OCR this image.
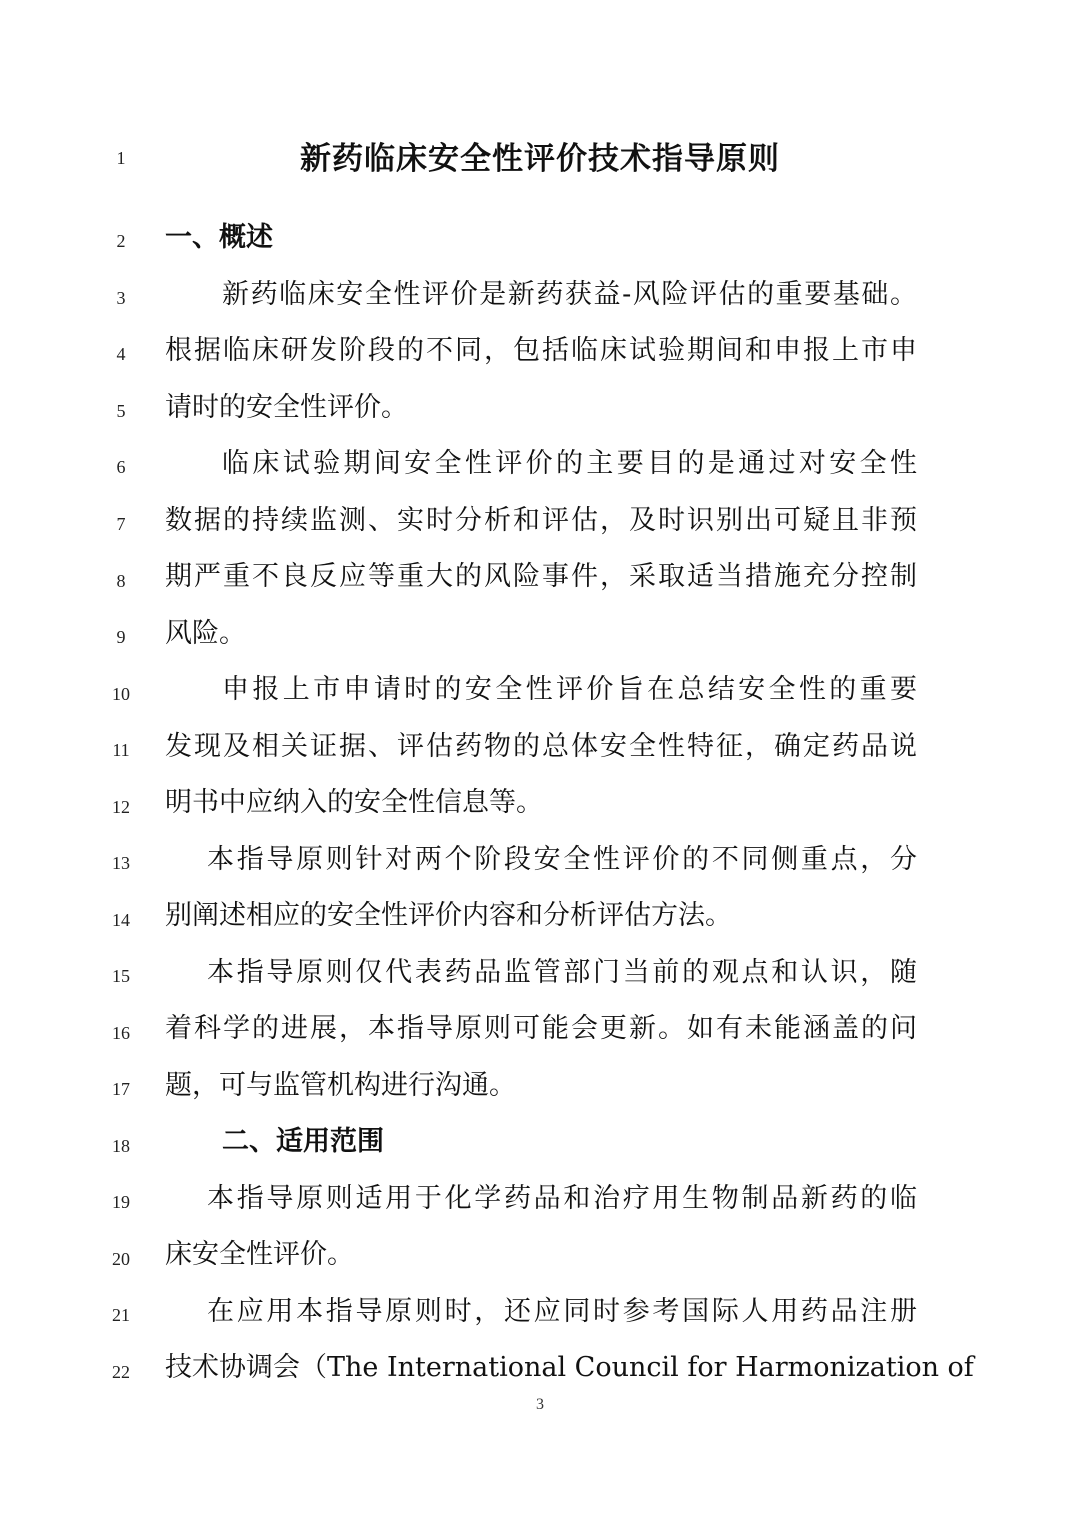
1
2
3
4
5
6
7
8
9
10
11
12
13
14
15
16
17
18
19
20
21
22
新药临床安全性评价技术指导原则
一、概述
新药临床安全性评价是新药获益-风险评估的重要基础。
根据临床研发阶段的不同，包括临床试验期间和申报上市申
请时的安全性评价。
临床试验期间安全性评价的主要目的是通过对安全性
数据的持续监测、实时分析和评估，及时识别出可疑且非预
期严重不良反应等重大的风险事件，采取适当措施充分控制
风险。
申报上市申请时的安全性评价旨在总结安全性的重要
发现及相关证据、评估药物的总体安全性特征，确定药品说
明书中应纳入的安全性信息等。
本指导原则针对两个阶段安全性评价的不同侧重点，分
别阐述相应的安全性评价内容和分析评估方法。
本指导原则仅代表药品监管部门当前的观点和认识，随
着科学的进展，本指导原则可能会更新。如有未能涵盖的问
题，可与监管机构进行沟通。
二、适用范围
本指导原则适用于化学药品和治疗用生物制品新药的临
床安全性评价。
在应用本指导原则时，还应同时参考国际人用药品注册
技术协调会（The International Council for Harmonization of
3
